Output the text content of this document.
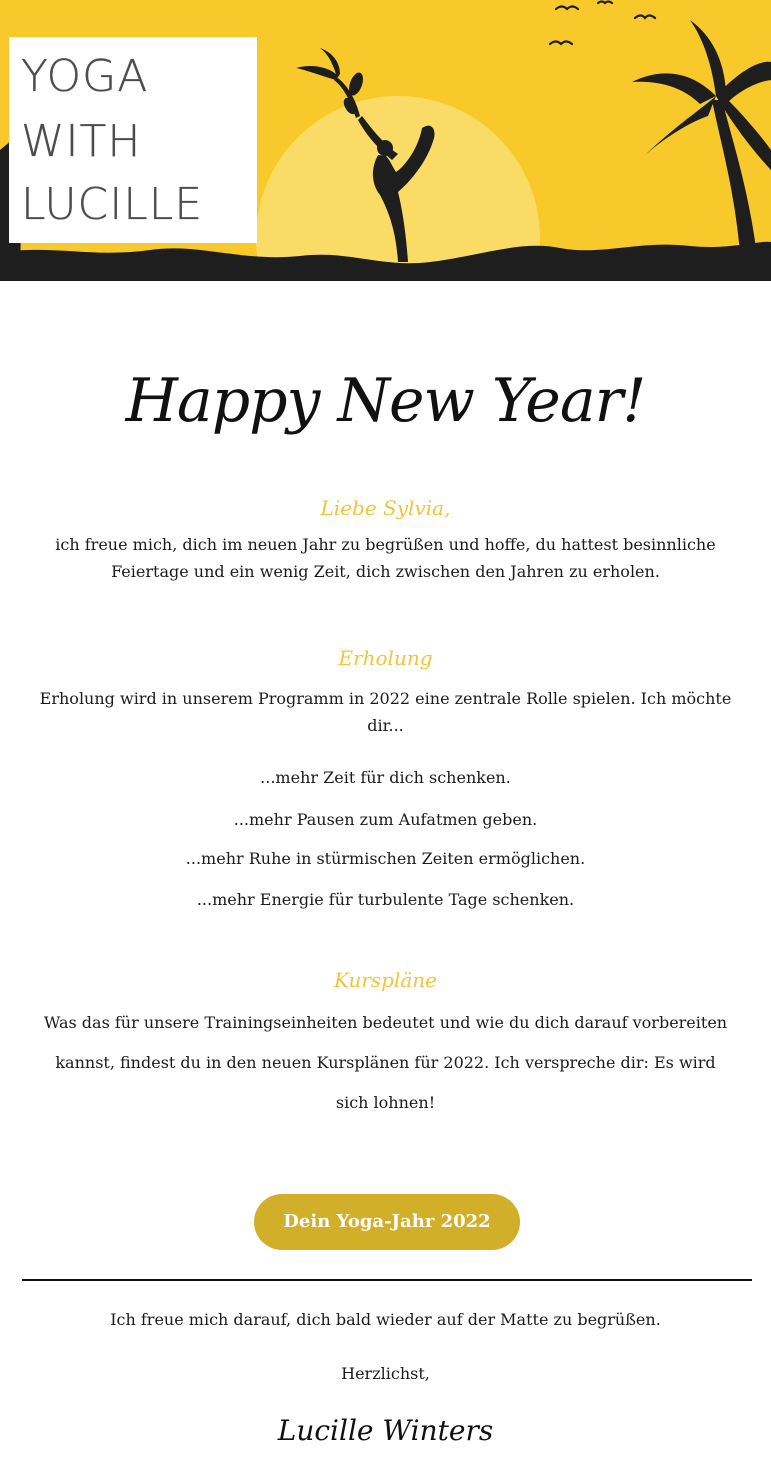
YOGA
WITH
LUCILLE
Happy New Year!
Liebe Sylvia,
ich freue mich, dich im neuen Jahr zu begrüßen und hoffe, du hattest besinnliche Feiertage und ein wenig Zeit, dich zwischen den Jahren zu erholen.
Erholung
Erholung wird in unserem Programm in 2022 eine zentrale Rolle spielen. Ich möchte dir...
...mehr Zeit für dich schenken.
...mehr Pausen zum Aufatmen geben.
...mehr Ruhe in stürmischen Zeiten ermöglichen.
...mehr Energie für turbulente Tage schenken.
Kurspläne
Was das für unsere Trainingseinheiten bedeutet und wie du dich darauf vorbereiten kannst, findest du in den neuen Kursplänen für 2022. Ich verspreche dir: Es wird sich lohnen!
Dein Yoga-Jahr 2022
Ich freue mich darauf, dich bald wieder auf der Matte zu begrüßen.
Herzlichst,
Lucille Winters
